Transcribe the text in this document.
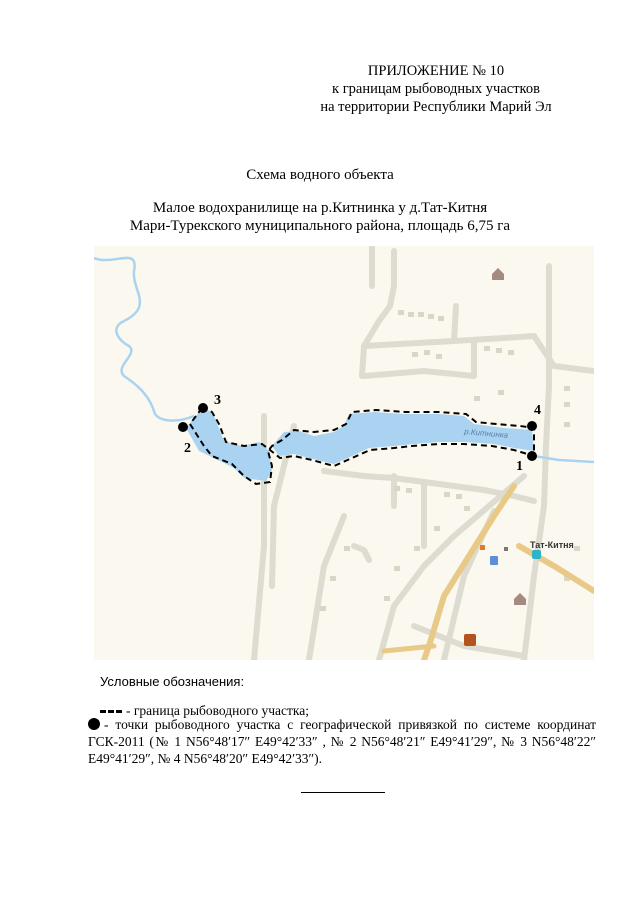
ПРИЛОЖЕНИЕ № 10
к границам рыбоводных участков
на территории Республики Марий Эл
Схема водного объекта
Малое водохранилище на р.Китнинка у д.Тат-Китня
Мари-Турекского муниципального района, площадь 6,75 га
р.Китнинка
1
2
3
4
Тат-Китня
Условные обозначения:
- граница рыбоводного участка;
- точки рыбоводного участка с географической привязкой по системе координат ГСК-2011 (№ 1 N56°48′17″ E49°42′33″ , № 2 N56°48′21″ E49°41′29″, № 3 N56°48′22″ E49°41′29″, № 4 N56°48′20″ E49°42′33″).
